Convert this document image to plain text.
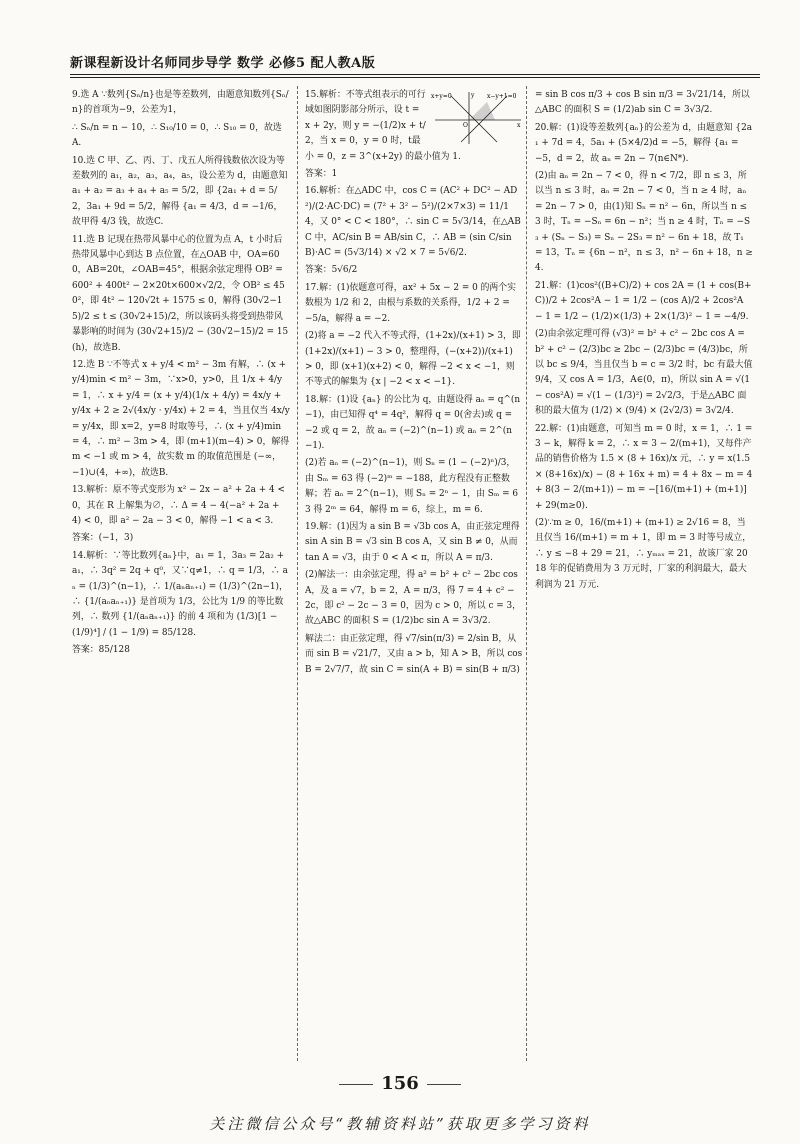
新课程新设计名师同步导学 数学 必修5 配人教A版

9.选 A ∵数列{Sₙ/n}也是等差数列，由题意知数列{Sₙ/n}的首项为−9，公差为1，

∴ Sₙ/n = n − 10，∴ S₁₀/10 = 0，∴ S₁₀ = 0，故选A.

10.选 C 甲、乙、丙、丁、戊五人所得钱数依次设为等差数列的 a₁，a₂，a₃，a₄，a₅，设公差为 d，由题意知 a₁ + a₂ = a₃ + a₄ + a₅ = 5/2，即 {2a₁ + d = 5/2，3a₁ + 9d = 5/2，解得 {a₁ = 4/3，d = −1/6，故甲得 4/3 钱，故选C.

11.选 B 记现在热带风暴中心的位置为点 A，t 小时后热带风暴中心到达 B 点位置，在△OAB 中，OA=600，AB=20t，∠OAB=45°，根据余弦定理得 OB² = 600² + 400t² − 2×20t×600×√2/2，令 OB² ≤ 450²，即 4t² − 120√2t + 1575 ≤ 0，解得 (30√2−15)/2 ≤ t ≤ (30√2+15)/2，所以该码头将受到热带风暴影响的时间为 (30√2+15)/2 − (30√2−15)/2 = 15(h)，故选B.

12.选 B ∵不等式 x + y/4 < m² − 3m 有解，∴ (x + y/4)min < m² − 3m，∵x>0，y>0，且 1/x + 4/y = 1，∴ x + y/4 = (x + y/4)(1/x + 4/y) = 4x/y + y/4x + 2 ≥ 2√(4x/y · y/4x) + 2 = 4，当且仅当 4x/y = y/4x，即 x=2，y=8 时取等号，∴ (x + y/4)min = 4，∴ m² − 3m > 4，即 (m+1)(m−4) > 0，解得 m < −1 或 m > 4，故实数 m 的取值范围是 (−∞，−1)∪(4，+∞)，故选B.

13.解析：原不等式变形为 x² − 2x − a² + 2a + 4 < 0，其在 R 上解集为∅，∴ Δ = 4 − 4(−a² + 2a + 4) < 0，即 a² − 2a − 3 < 0，解得 −1 < a < 3.

答案：(−1，3)

14.解析：∵等比数列{aₙ}中，a₁ = 1，3a₃ = 2a₂ + a₁，∴ 3q² = 2q + q⁰，又∵q≠1，∴ q = 1/3，∴ aₙ = (1/3)^(n−1)，∴ 1/(aₙaₙ₊₁) = (1/3)^(2n−1)，∴ {1/(aₙaₙ₊₁)} 是首项为 1/3，公比为 1/9 的等比数列，∴ 数列 {1/(aₙaₙ₊₁)} 的前 4 项和为 (1/3)[1 − (1/9)⁴] / (1 − 1/9) = 85/128.

答案：85/128

x+y=0	x−y+1=0
x
y
O

15.解析：不等式组表示的可行域如图阴影部分所示，设 t = x + 2y，则 y = −(1/2)x + t/2，当 x = 0，y = 0 时，t最小 = 0，z = 3^(x+2y) 的最小值为 1.

答案：1

16.解析：在△ADC 中，cos C = (AC² + DC² − AD²)/(2·AC·DC) = (7² + 3² − 5²)/(2×7×3) = 11/14，又 0° < C < 180°，∴ sin C = 5√3/14，在△ABC 中，AC/sin B = AB/sin C，∴ AB = (sin C/sin B)·AC = (5√3/14) × √2 × 7 = 5√6/2.

答案：5√6/2

17.解：(1)依题意可得，ax² + 5x − 2 = 0 的两个实数根为 1/2 和 2，由根与系数的关系得，1/2 + 2 = −5/a，解得 a = −2.

(2)将 a = −2 代入不等式得，(1+2x)/(x+1) > 3，即 (1+2x)/(x+1) − 3 > 0，整理得，(−(x+2))/(x+1) > 0，即 (x+1)(x+2) < 0，解得 −2 < x < −1，则不等式的解集为 {x | −2 < x < −1}.

18.解：(1)设 {aₙ} 的公比为 q，由题设得 aₙ = q^(n−1)，由已知得 q⁴ = 4q²，解得 q = 0(舍去)或 q = −2 或 q = 2，故 aₙ = (−2)^(n−1) 或 aₙ = 2^(n−1).

(2)若 aₙ = (−2)^(n−1)，则 Sₙ = (1 − (−2)ⁿ)/3，由 Sₘ = 63 得 (−2)ᵐ = −188，此方程没有正整数解；若 aₙ = 2^(n−1)，则 Sₙ = 2ⁿ − 1，由 Sₘ = 63 得 2ᵐ = 64，解得 m = 6，综上，m = 6.

19.解：(1)因为 a sin B = √3b cos A，由正弦定理得 sin A sin B = √3 sin B cos A，又 sin B ≠ 0，从而 tan A = √3，由于 0 < A < π，所以 A = π/3.

(2)解法一：由余弦定理，得 a² = b² + c² − 2bc cos A，及 a = √7，b = 2，A = π/3，得 7 = 4 + c² − 2c，即 c² − 2c − 3 = 0，因为 c > 0，所以 c = 3，故△ABC 的面积 S = (1/2)bc sin A = 3√3/2.

解法二：由正弦定理，得 √7/sin(π/3) = 2/sin B，从而 sin B = √21/7，又由 a > b，知 A > B，所以 cos B = 2√7/7，故 sin C = sin(A + B) = sin(B + π/3)

= sin B cos π/3 + cos B sin π/3 = 3√21/14，所以△ABC 的面积 S = (1/2)ab sin C = 3√3/2.

20.解：(1)设等差数列{aₙ}的公差为 d，由题意知 {2a₁ + 7d = 4，5a₁ + (5×4/2)d = −5，解得 {a₁ = −5，d = 2，故 aₙ = 2n − 7(n∈N*).

(2)由 aₙ = 2n − 7 < 0，得 n < 7/2，即 n ≤ 3，所以当 n ≤ 3 时，aₙ = 2n − 7 < 0，当 n ≥ 4 时，aₙ = 2n − 7 > 0，由(1)知 Sₙ = n² − 6n，所以当 n ≤ 3 时，Tₙ = −Sₙ = 6n − n²；当 n ≥ 4 时，Tₙ = −S₃ + (Sₙ − S₃) = Sₙ − 2S₃ = n² − 6n + 18，故 T₁ = 13，Tₙ = {6n − n²，n ≤ 3，n² − 6n + 18，n ≥ 4.

21.解：(1)cos²((B+C)/2) + cos 2A = (1 + cos(B+C))/2 + 2cos²A − 1 = 1/2 − (cos A)/2 + 2cos²A − 1 = 1/2 − (1/2)×(1/3) + 2×(1/3)² − 1 = −4/9.

(2)由余弦定理可得 (√3)² = b² + c² − 2bc cos A = b² + c² − (2/3)bc ≥ 2bc − (2/3)bc = (4/3)bc，所以 bc ≤ 9/4，当且仅当 b = c = 3/2 时，bc 有最大值 9/4，又 cos A = 1/3，A∈(0，π)，所以 sin A = √(1 − cos²A) = √(1 − (1/3)²) = 2√2/3，于是△ABC 面积的最大值为 (1/2) × (9/4) × (2√2/3) = 3√2/4.

22.解：(1)由题意，可知当 m = 0 时，x = 1，∴ 1 = 3 − k，解得 k = 2，∴ x = 3 − 2/(m+1)，又每件产品的销售价格为 1.5 × (8 + 16x)/x 元，∴ y = x(1.5 × (8+16x)/x) − (8 + 16x + m) = 4 + 8x − m = 4 + 8(3 − 2/(m+1)) − m = −[16/(m+1) + (m+1)] + 29(m≥0).

(2)∵m ≥ 0，16/(m+1) + (m+1) ≥ 2√16 = 8，当且仅当 16/(m+1) = m + 1，即 m = 3 时等号成立，∴ y ≤ −8 + 29 = 21，∴ yₘₐₓ = 21，故该厂家 2018 年的促销费用为 3 万元时，厂家的利润最大，最大利润为 21 万元.

156
关注微信公众号“教辅资料站”获取更多学习资料
